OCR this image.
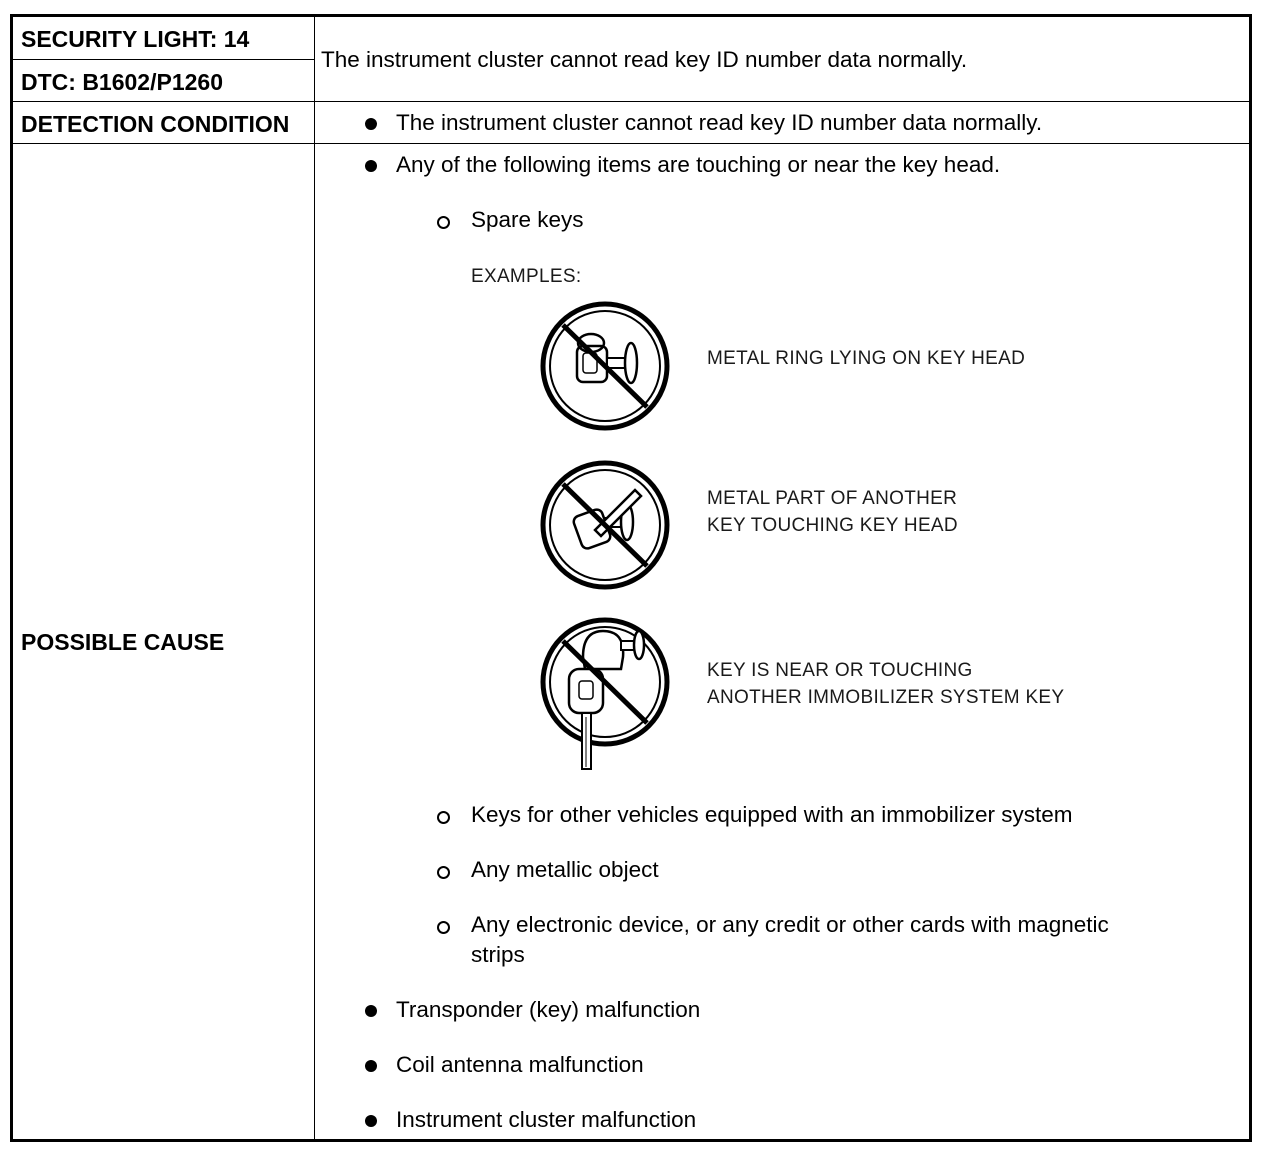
SECURITY LIGHT: 14
DTC: B1602/P1260
The instrument cluster cannot read key ID number data normally.
DETECTION CONDITION	The instrument cluster cannot read key ID number data normally.
POSSIBLE CAUSE
Any of the following items are touching or near the key head.
Spare keys
EXAMPLES:
METAL RING LYING ON KEY HEAD
METAL PART OF ANOTHER
KEY TOUCHING KEY HEAD
KEY IS NEAR OR TOUCHING
ANOTHER IMMOBILIZER SYSTEM KEY
Keys for other vehicles equipped with an immobilizer system
Any metallic object
Any electronic device, or any credit or other cards with magnetic
strips
Transponder (key) malfunction
Coil antenna malfunction
Instrument cluster malfunction
